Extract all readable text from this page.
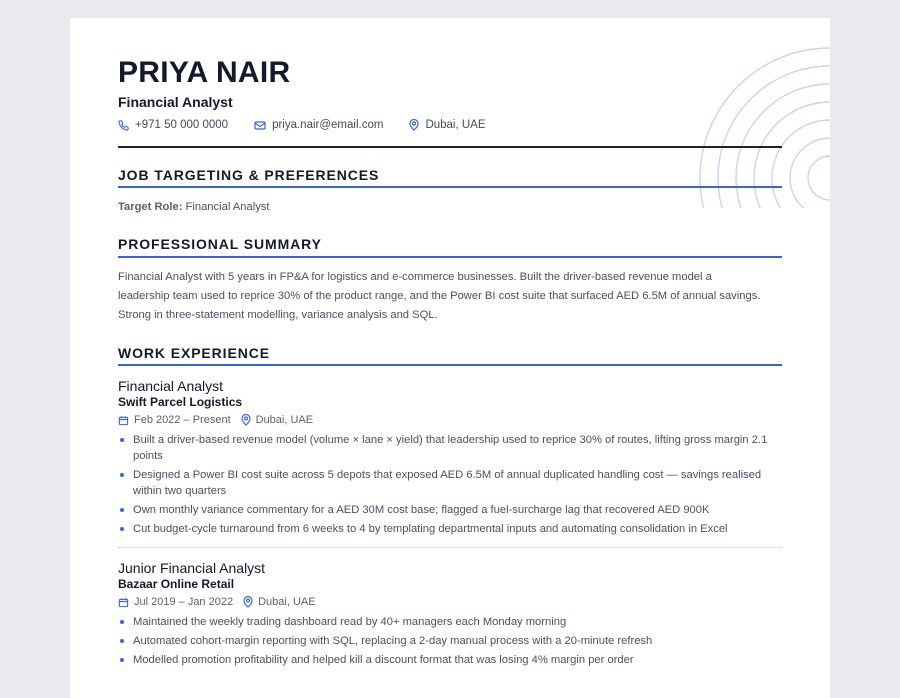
PRIYA NAIR
Financial Analyst
+971 50 000 0000	priya.nair@email.com	Dubai, UAE
JOB TARGETING & PREFERENCES
Target Role: Financial Analyst
PROFESSIONAL SUMMARY
Financial Analyst with 5 years in FP&A for logistics and e-commerce businesses. Built the driver-based revenue model a
leadership team used to reprice 30% of the product range, and the Power BI cost suite that surfaced AED 6.5M of annual savings.
Strong in three-statement modelling, variance analysis and SQL.
WORK EXPERIENCE
Financial Analyst
Swift Parcel Logistics
Feb 2022 – Present Dubai, UAE
Built a driver-based revenue model (volume × lane × yield) that leadership used to reprice 30% of routes, lifting gross margin 2.1 points
Designed a Power BI cost suite across 5 depots that exposed AED 6.5M of annual duplicated handling cost — savings realised within two quarters
Own monthly variance commentary for a AED 30M cost base; flagged a fuel-surcharge lag that recovered AED 900K
Cut budget-cycle turnaround from 6 weeks to 4 by templating departmental inputs and automating consolidation in Excel
Junior Financial Analyst
Bazaar Online Retail
Jul 2019 – Jan 2022 Dubai, UAE
Maintained the weekly trading dashboard read by 40+ managers each Monday morning
Automated cohort-margin reporting with SQL, replacing a 2-day manual process with a 20-minute refresh
Modelled promotion profitability and helped kill a discount format that was losing 4% margin per order
